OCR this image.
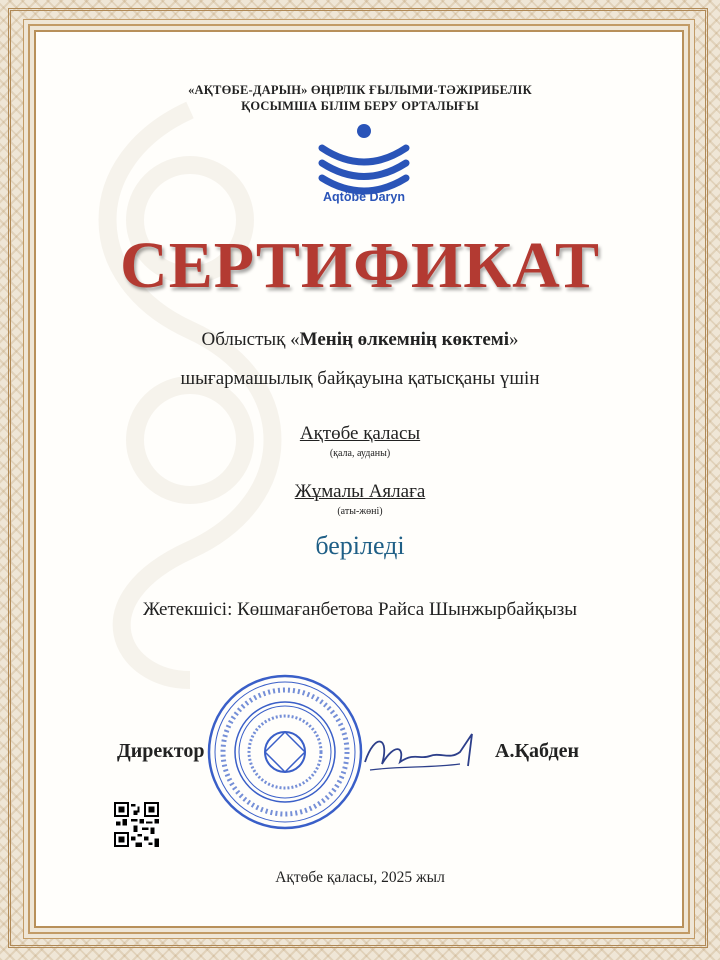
«АҚТӨБЕ-ДАРЫН» ӨҢІРЛІК ҒЫЛЫМИ-ТӘЖІРИБЕЛІК
ҚОСЫМША БІЛІМ БЕРУ ОРТАЛЫҒЫ
Aqtöbe Daryn
СЕРТИФИКАТ
Облыстық «Менің өлкемнің көктемі»
шығармашылық байқауына қатысқаны үшін
Ақтөбе қаласы
(қала, ауданы)
Жұмалы Аялаға
(аты-жөні)
беріледі
Жетекшісі: Көшмағанбетова Райса Шынжырбайқызы
Директор	А.Қабден
Ақтөбе қаласы, 2025 жыл
